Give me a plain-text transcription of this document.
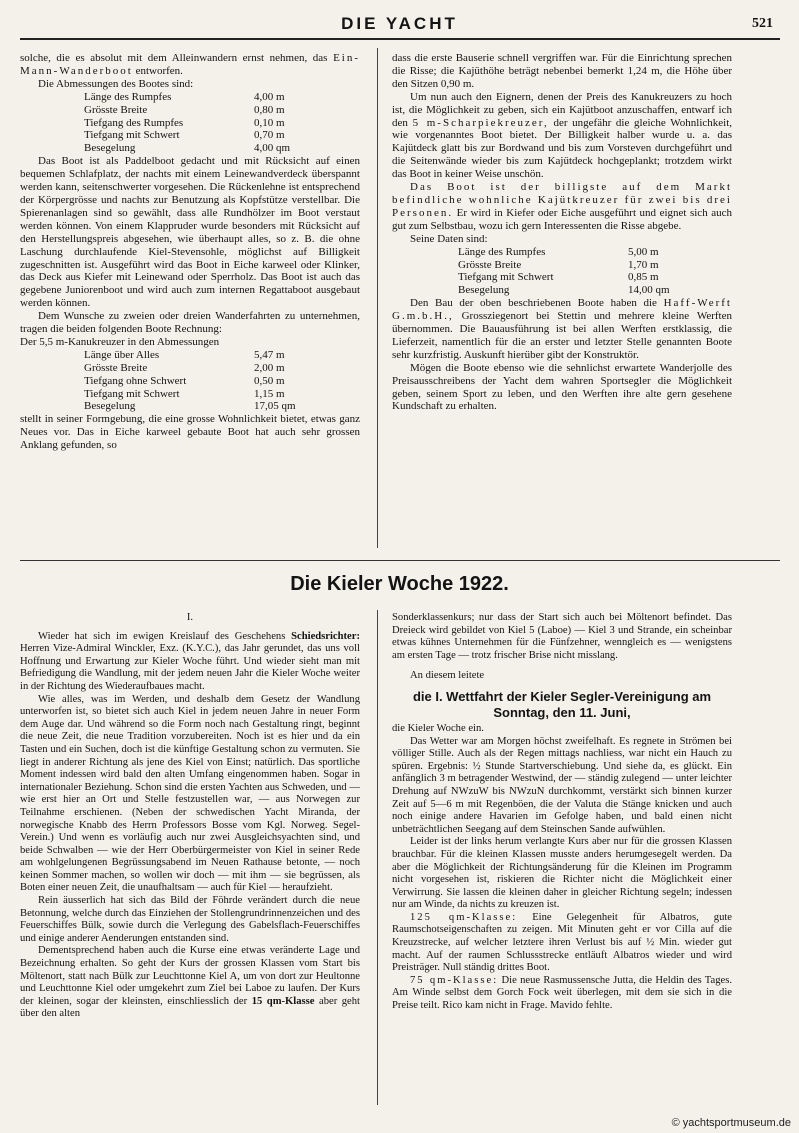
DIE YACHT	521

solche, die es absolut mit dem Alleinwandern ernst nehmen, das Ein-Mann-Wanderboot entworfen.

Die Abmessungen des Bootes sind:

Länge des Rumpfes	4,00 m
Grösste Breite	0,80 m
Tiefgang des Rumpfes	0,10 m
Tiefgang mit Schwert	0,70 m
Besegelung	4,00 qm

Das Boot ist als Paddelboot gedacht und mit Rücksicht auf einen bequemen Schlafplatz, der nachts mit einem Leinewandverdeck überspannt werden kann, seitenschwerter vorgesehen. Die Rückenlehne ist entsprechend der Körpergrösse und nachts zur Benutzung als Kopfstütze verstellbar. Die Spierenanlagen sind so gewählt, dass alle Rundhölzer im Boot verstaut werden können. Von einem Klappruder wurde besonders mit Rücksicht auf den Herstellungspreis abgesehen, wie überhaupt alles, so z. B. die ohne Laschung durchlaufende Kiel-Stevensohle, möglichst auf Billigkeit zugeschnitten ist. Ausgeführt wird das Boot in Eiche karweel oder Klinker, das Deck aus Kiefer mit Leinewand oder Sperrholz. Das Boot ist auch das gegebene Juniorenboot und wird auch zum internen Regattaboot ausgebaut werden können.

Dem Wunsche zu zweien oder dreien Wanderfahrten zu unternehmen, tragen die beiden folgenden Boote Rechnung:

Der 5,5 m-Kanukreuzer in den Abmessungen

Länge über Alles	5,47 m
Grösste Breite	2,00 m
Tiefgang ohne Schwert	0,50 m
Tiefgang mit Schwert	1,15 m
Besegelung	17,05 qm

stellt in seiner Formgebung, die eine grosse Wohnlichkeit bietet, etwas ganz Neues vor. Das in Eiche karweel gebaute Boot hat auch sehr grossen Anklang gefunden, so

dass die erste Bauserie schnell vergriffen war. Für die Einrichtung sprechen die Risse; die Kajüthöhe beträgt nebenbei bemerkt 1,24 m, die Höhe über den Sitzen 0,90 m.

Um nun auch den Eignern, denen der Preis des Kanukreuzers zu hoch ist, die Möglichkeit zu geben, sich ein Kajütboot anzuschaffen, entwarf ich den 5 m-Scharpiekreuzer, der ungefähr die gleiche Wohnlichkeit, wie vorgenanntes Boot bietet. Der Billigkeit halber wurde u. a. das Kajütdeck glatt bis zur Bordwand und bis zum Vorsteven durchgeführt und die Seitenwände wieder bis zum Kajütdeck hochgeplankt; trotzdem wirkt das Boot in keiner Weise unschön.

Das Boot ist der billigste auf dem Markt befindliche wohnliche Kajütkreuzer für zwei bis drei Personen. Er wird in Kiefer oder Eiche ausgeführt und eignet sich auch gut zum Selbstbau, wozu ich gern Interessenten die Risse abgebe.

Seine Daten sind:

Länge des Rumpfes	5,00 m
Grösste Breite	1,70 m
Tiefgang mit Schwert	0,85 m
Besegelung	14,00 qm

Den Bau der oben beschriebenen Boote haben die Haff-Werft G.m.b.H., Grossziegenort bei Stettin und mehrere kleine Werften übernommen. Die Bauausführung ist bei allen Werften erstklassig, die Lieferzeit, namentlich für die an erster und letzter Stelle genannten Boote sehr kurzfristig. Auskunft hierüber gibt der Konstruktör.

Mögen die Boote ebenso wie die sehnlichst erwartete Wanderjolle des Preisausschreibens der Yacht dem wahren Sportsegler die Möglichkeit geben, seinem Sport zu leben, und den Werften ihre alte gern gesehene Kundschaft zu erhalten.

Die Kieler Woche 1922.

I.

Wieder hat sich im ewigen Kreislauf des Geschehens Schiedsrichter: Herren Vize-Admiral Winckler, Exz. (K.Y.C.), das Jahr gerundet, das uns voll Hoffnung und Erwartung zur Kieler Woche führt. Und wieder sieht man mit Befriedigung die Wandlung, mit der jedem neuen Jahr die Kieler Woche weiter in der Richtung des Wiederaufbaues macht.

Wie alles, was im Werden, und deshalb dem Gesetz der Wandlung unterworfen ist, so bietet sich auch Kiel in jedem neuen Jahre in neuer Form dem Auge dar. Und während so die Form noch nach Gestaltung ringt, beginnt die neue Zeit, die neue Tradition vorzubereiten. Noch ist es hier und da ein Tasten und ein Suchen, doch ist die künftige Gestaltung schon zu vermuten. Sie liegt in anderer Richtung als jene des Kiel von Einst; natürlich. Das sportliche Moment indessen wird bald den alten Umfang eingenommen haben. Sogar in internationaler Beziehung. Schon sind die ersten Yachten aus Schweden, und — wie erst hier an Ort und Stelle festzustellen war, — aus Norwegen zur Teilnahme erschienen. (Neben der schwedischen Yacht Miranda, der norwegische Knabb des Herrn Professors Bosse vom Kgl. Norweg. Segel-Verein.) Und wenn es vorläufig auch nur zwei Ausgleichsyachten sind, und beide Schwalben — wie der Herr Oberbürgermeister von Kiel in seiner Rede am wohlgelungenen Begrüssungsabend im Neuen Rathause betonte, — noch keinen Sommer machen, so wollen wir doch — mit ihm — sie begrüssen, als Boten einer neuen Zeit, die unaufhaltsam — auch für Kiel — heraufzieht.

Rein äusserlich hat sich das Bild der Föhrde verändert durch die neue Betonnung, welche durch das Einziehen der Stollengrundrinnenzeichen und des Feuerschiffes Bülk, sowie durch die Verlegung des Gabelsflach-Feuerschiffes und einige anderer Aenderungen entstanden sind.

Dementsprechend haben auch die Kurse eine etwas veränderte Lage und Bezeichnung erhalten. So geht der Kurs der grossen Klassen vom Start bis Möltenort, statt nach Bülk zur Leuchttonne Kiel A, um von dort zur Heultonne und Leuchttonne Kiel oder umgekehrt zum Ziel bei Laboe zu laufen. Der Kurs der kleinen, sogar der kleinsten, einschliesslich der 15 qm-Klasse aber geht über den alten

Sonderklassenkurs; nur dass der Start sich auch bei Möltenort befindet. Das Dreieck wird gebildet von Kiel 5 (Laboe) — Kiel 3 und Strande, ein scheinbar etwas kühnes Unternehmen für die Fünfzehner, wenngleich es — wenigstens am ersten Tage — trotz frischer Brise nicht misslang.

An diesem leitete

die I. Wettfahrt der Kieler Segler-Vereinigung am Sonntag, den 11. Juni,

die Kieler Woche ein.

Das Wetter war am Morgen höchst zweifelhaft. Es regnete in Strömen bei völliger Stille. Auch als der Regen mittags nachliess, war nicht ein Hauch zu spüren. Ergebnis: ½ Stunde Startverschiebung. Und siehe da, es glückt. Ein anfänglich 3 m betragender Westwind, der — ständig zulegend — unter leichter Drehung auf NWzuW bis NWzuN durchkommt, verstärkt sich binnen kurzer Zeit auf 5—6 m mit Regenböen, die der Valuta die Stänge knicken und auch noch einige andere Havarien im Gefolge haben, und bald einen nicht unbeträchtlichen Seegang auf dem Steinschen Sande aufwühlen.

Leider ist der links herum verlangte Kurs aber nur für die grossen Klassen brauchbar. Für die kleinen Klassen musste anders herumgesegelt werden. Da aber die Möglichkeit der Richtungsänderung für die Kleinen im Programm nicht vorgesehen ist, riskieren die Richter nicht die Möglichkeit einer Verwirrung. Sie lassen die kleinen daher in gleicher Richtung segeln; indessen nur am Winde, da nichts zu kreuzen ist.

125 qm-Klasse: Eine Gelegenheit für Albatros, gute Raumschotseigenschaften zu zeigen. Mit Minuten geht er vor Cilla auf die Kreuzstrecke, auf welcher letztere ihren Verlust bis auf ½ Min. wieder gut macht. Auf der raumen Schlussstrecke entläuft Albatros wieder und wird Preisträger. Null ständig drittes Boot.

75 qm-Klasse: Die neue Rasmussensche Jutta, die Heldin des Tages. Am Winde selbst dem Gorch Fock weit überlegen, mit dem sie sich in die Preise teilt. Rico kam nicht in Frage. Mavido fehlte.

© yachtsportmuseum.de
